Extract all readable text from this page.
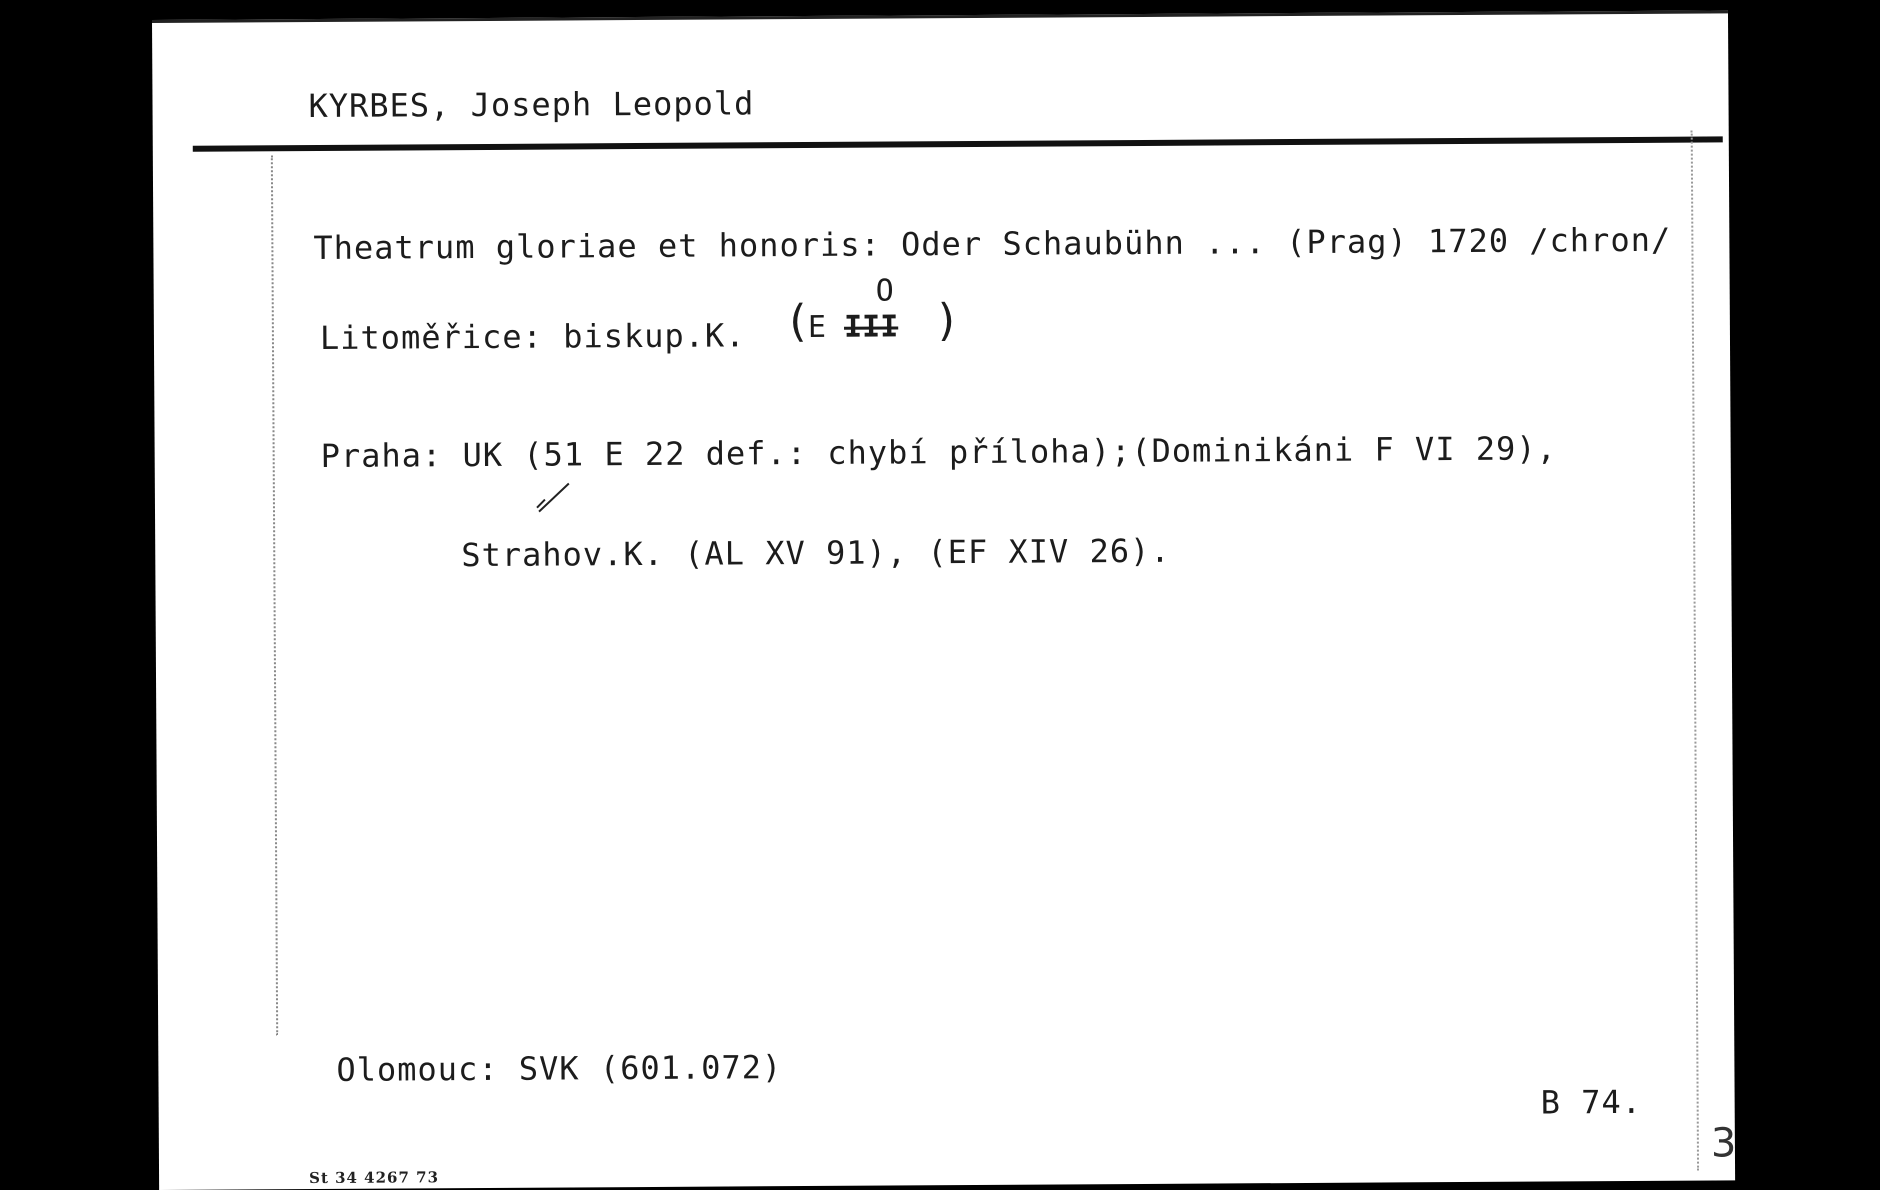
KYRBES, Joseph Leopold
Theatrum gloriae et honoris: Oder Schaubühn ... (Prag) 1720 /chron/
Litoměřice: biskup.K.
O
(
E III )
Praha: UK (51 E 22 def.: chybí příloha);(Dominikáni F VI 29),
Strahov.K. (AL XV 91), (EF XIV 26).
Olomouc: SVK (601.072)
B 74.
St 34 4267 73
3
